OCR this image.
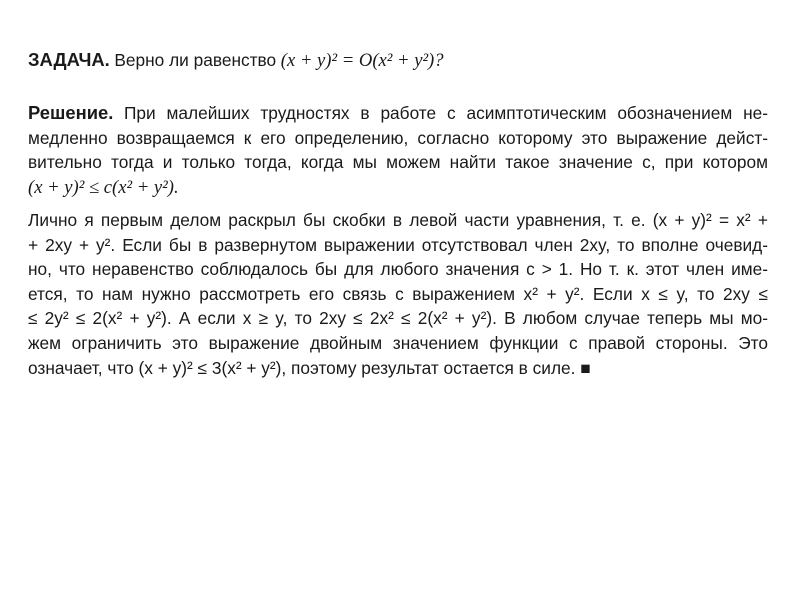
ЗАДАЧА. Верно ли равенство (x + y)² = O(x² + y²)?
Решение. При малейших трудностях в работе с асимптотическим обозначением не-
медленно возвращаемся к его определению, согласно которому это выражение дейст-
вительно тогда и только тогда, когда мы можем найти такое значение c, при котором
(x + y)² ≤ c(x² + y²).
Лично я первым делом раскрыл бы скобки в левой части уравнения, т. е. (x + y)² = x² +
+ 2xy + y². Если бы в развернутом выражении отсутствовал член 2xy, то вполне очевид-
но, что неравенство соблюдалось бы для любого значения c > 1. Но т. к. этот член име-
ется, то нам нужно рассмотреть его связь с выражением x² + y². Если x ≤ y, то 2xy ≤
≤ 2y² ≤ 2(x² + y²). А если x ≥ y, то 2xy ≤ 2x² ≤ 2(x² + y²). В любом случае теперь мы мо-
жем ограничить это выражение двойным значением функции с правой стороны. Это
означает, что (x + y)² ≤ 3(x² + y²), поэтому результат остается в силе. ■
